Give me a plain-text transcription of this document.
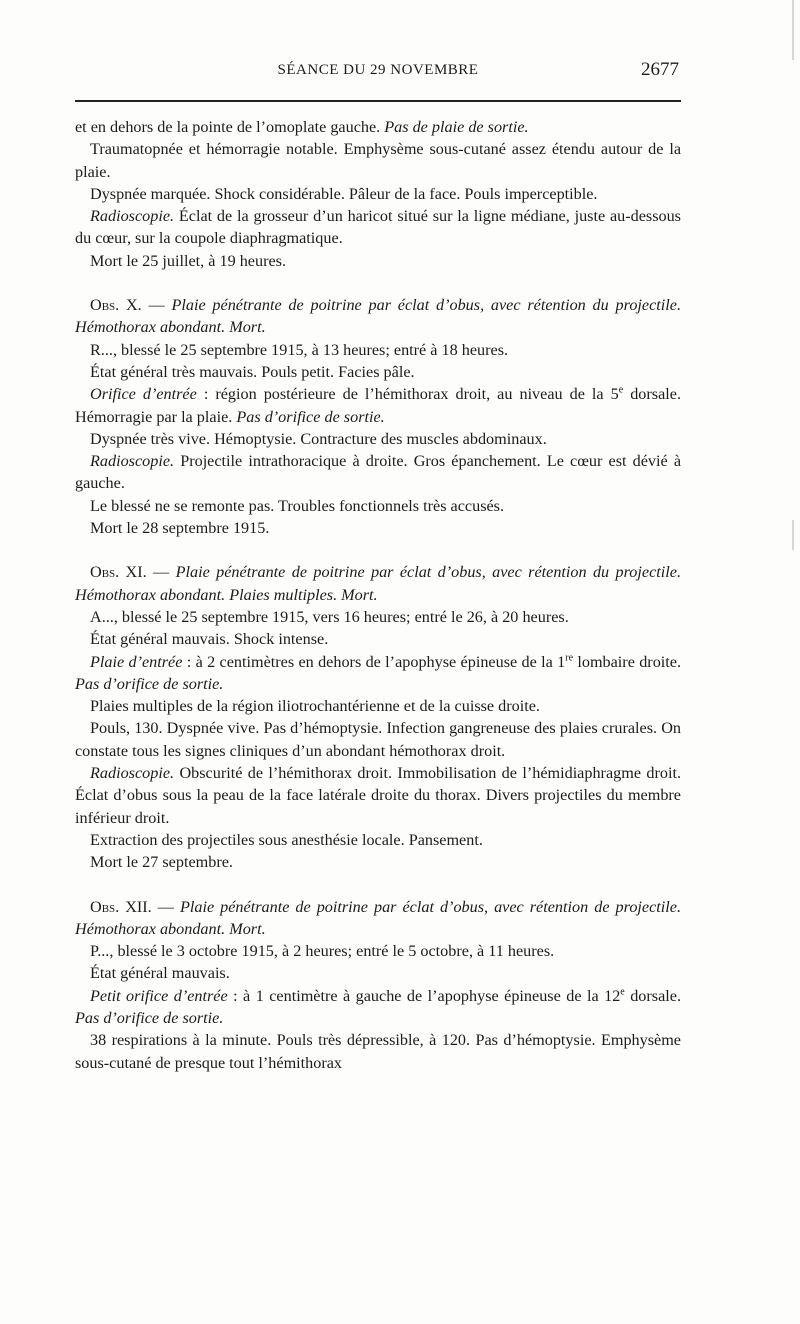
SÉANCE DU 29 NOVEMBRE	2677

et en dehors de la pointe de l’omoplate gauche. Pas de plaie de sortie.

Traumatopnée et hémorragie notable. Emphysème sous-cutané assez étendu autour de la plaie.

Dyspnée marquée. Shock considérable. Pâleur de la face. Pouls imperceptible.

Radioscopie. Éclat de la grosseur d’un haricot situé sur la ligne médiane, juste au-dessous du cœur, sur la coupole diaphragmatique.

Mort le 25 juillet, à 19 heures.

Obs. X. — Plaie pénétrante de poitrine par éclat d’obus, avec rétention du projectile. Hémothorax abondant. Mort.

R..., blessé le 25 septembre 1915, à 13 heures; entré à 18 heures.

État général très mauvais. Pouls petit. Facies pâle.

Orifice d’entrée : région postérieure de l’hémithorax droit, au niveau de la 5e dorsale. Hémorragie par la plaie. Pas d’orifice de sortie.

Dyspnée très vive. Hémoptysie. Contracture des muscles abdominaux.

Radioscopie. Projectile intrathoracique à droite. Gros épanchement. Le cœur est dévié à gauche.

Le blessé ne se remonte pas. Troubles fonctionnels très accusés.

Mort le 28 septembre 1915.

Obs. XI. — Plaie pénétrante de poitrine par éclat d’obus, avec rétention du projectile. Hémothorax abondant. Plaies multiples. Mort.

A..., blessé le 25 septembre 1915, vers 16 heures; entré le 26, à 20 heures.

État général mauvais. Shock intense.

Plaie d’entrée : à 2 centimètres en dehors de l’apophyse épineuse de la 1re lombaire droite. Pas d’orifice de sortie.

Plaies multiples de la région iliotrochantérienne et de la cuisse droite.

Pouls, 130. Dyspnée vive. Pas d’hémoptysie. Infection gangreneuse des plaies crurales. On constate tous les signes cliniques d’un abondant hémothorax droit.

Radioscopie. Obscurité de l’hémithorax droit. Immobilisation de l’hémidiaphragme droit. Éclat d’obus sous la peau de la face latérale droite du thorax. Divers projectiles du membre inférieur droit.

Extraction des projectiles sous anesthésie locale. Pansement.

Mort le 27 septembre.

Obs. XII. — Plaie pénétrante de poitrine par éclat d’obus, avec rétention de projectile. Hémothorax abondant. Mort.

P..., blessé le 3 octobre 1915, à 2 heures; entré le 5 octobre, à 11 heures.

État général mauvais.

Petit orifice d’entrée : à 1 centimètre à gauche de l’apophyse épineuse de la 12e dorsale. Pas d’orifice de sortie.

38 respirations à la minute. Pouls très dépressible, à 120. Pas d’hémoptysie. Emphysème sous-cutané de presque tout l’hémithorax
